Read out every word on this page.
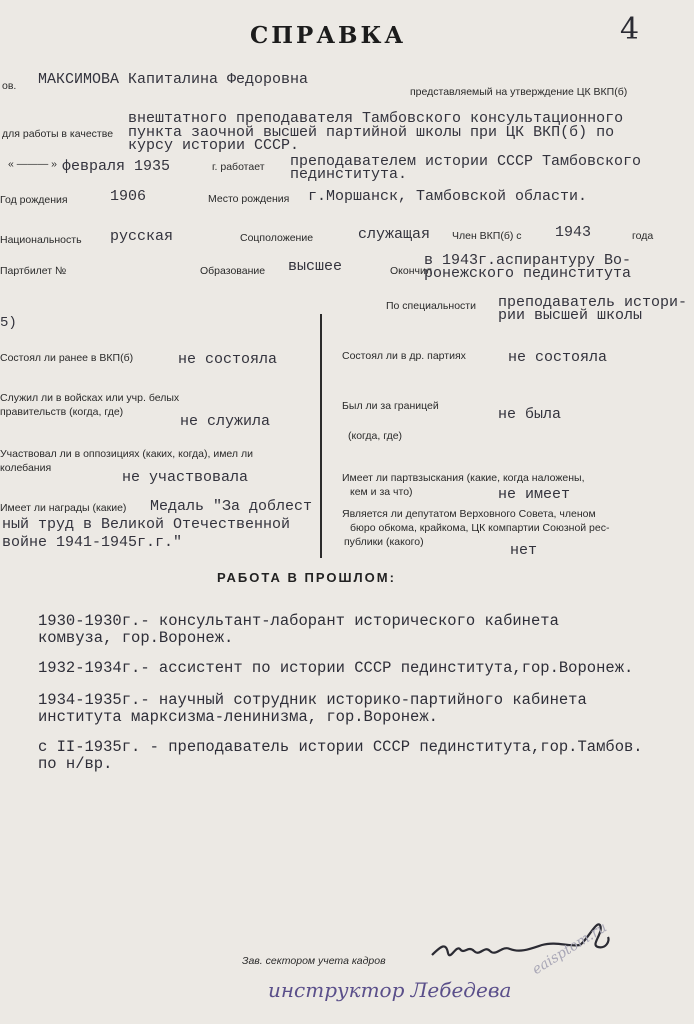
СПРАВКА	4
ов. МАКСИМОВА Капиталина Федоровна
представляемый на утверждение ЦК ВКП(б)
внештатного преподавателя Тамбовского консультационного
для работы в качестве пункта заочной высшей партийной школы при ЦК ВКП(б) по
курсу истории СССР.
« ——— » февраля 1935	г. работает преподавателем истории СССР Тамбовского
пединститута.
Год рождения	1906	Место рождения г.Моршанск, Тамбовской области.
Национальность русская	Соцположение	служащая Член ВКП(б) с 1943	года
Партбилет №	Образование высшее	Окончил
в 1943г.аспирантуру Во-
ронежского пединститута
По специальности преподаватель истори-
рии высшей школы
5)
Состоял ли ранее в ВКП(б)	не состояла
Служил ли в войсках или учр. белых
правительств (когда, где)
не служила
Участвовал ли в оппозициях (каких, когда), имел ли
колебания
не участвовала
Имеет ли награды (какие) Медаль "За доблест
ный труд в Великой Отечественной
войне 1941-1945г.г."
Состоял ли в др. партиях	не состояла
Был ли за границей	не была
(когда, где)
Имеет ли партвзыскания (какие, когда наложены,
кем и за что)	не имеет
Является ли депутатом Верховного Совета, членом
бюро обкома, крайкома, ЦК компартии Союзной рес-
публики (какого)	нет
РАБОТА В ПРОШЛОМ:
1930-1930г.- консультант-лаборант исторического кабинета
комвуза, гор.Воронеж.
1932-1934г.- ассистент по истории СССР пединститута,гор.Воронеж.
1934-1935г.- научный сотрудник историко-партийного кабинета
института марксизма-ленинизма, гор.Воронеж.
с II-1935г. - преподаватель истории СССР пединститута,гор.Тамбов.
по н/вр.
Зав. сектором учета кадров
инструктор Лебедева
eaisptom.ru
